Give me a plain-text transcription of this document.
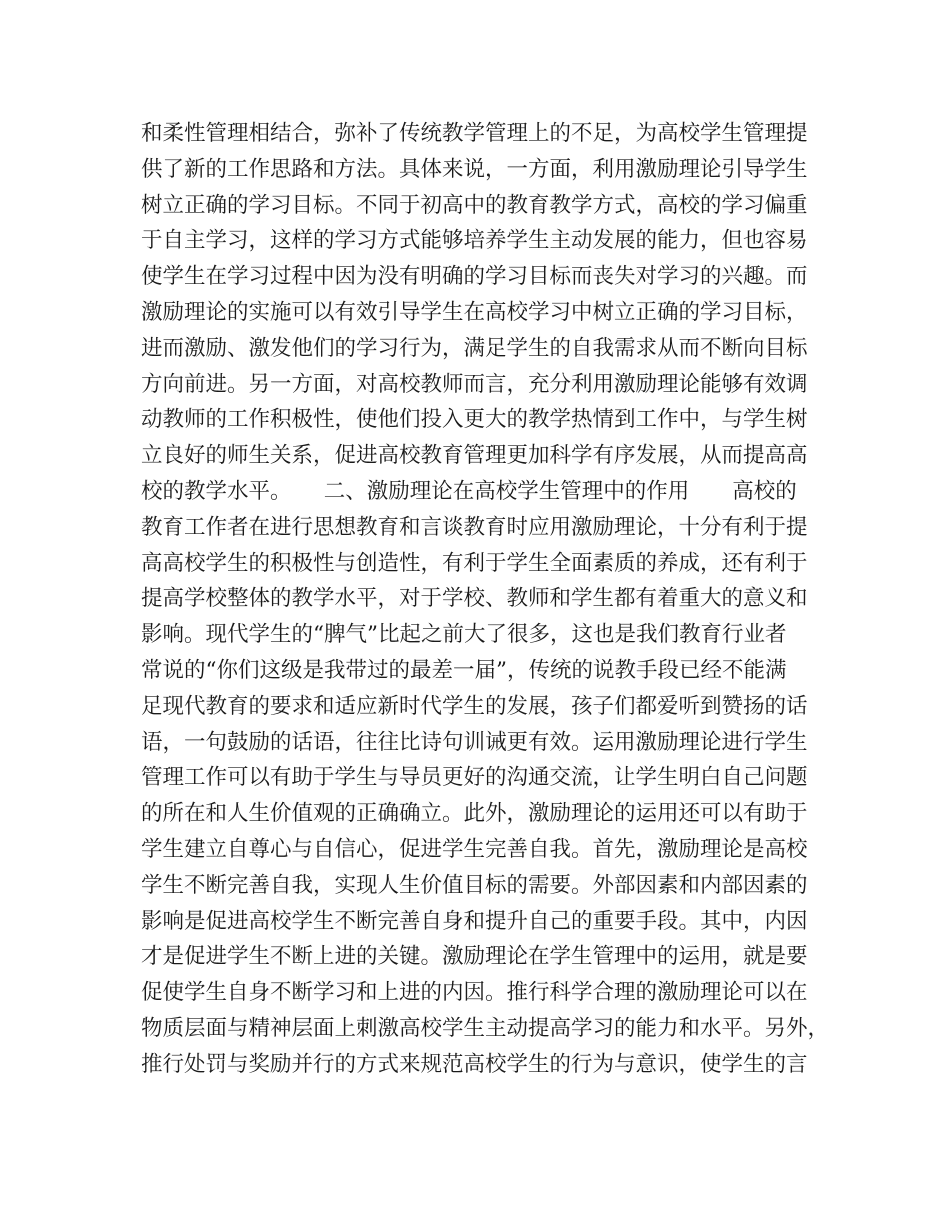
和柔性管理相结合，弥补了传统教学管理上的不足，为高校学生管理提
供了新的工作思路和方法。具体来说，一方面，利用激励理论引导学生
树立正确的学习目标。不同于初高中的教育教学方式，高校的学习偏重
于自主学习，这样的学习方式能够培养学生主动发展的能力，但也容易
使学生在学习过程中因为没有明确的学习目标而丧失对学习的兴趣。而
激励理论的实施可以有效引导学生在高校学习中树立正确的学习目标，
进而激励、激发他们的学习行为，满足学生的自我需求从而不断向目标
方向前进。另一方面，对高校教师而言，充分利用激励理论能够有效调
动教师的工作积极性，使他们投入更大的教学热情到工作中，与学生树
立良好的师生关系，促进高校教育管理更加科学有序发展，从而提高高
校的教学水平。　　二、激励理论在高校学生管理中的作用　　高校的
教育工作者在进行思想教育和言谈教育时应用激励理论，十分有利于提
高高校学生的积极性与创造性，有利于学生全面素质的养成，还有利于
提高学校整体的教学水平，对于学校、教师和学生都有着重大的意义和
影响。现代学生的“脾气”比起之前大了很多，这也是我们教育行业者
常说的“你们这级是我带过的最差一届”，传统的说教手段已经不能满
足现代教育的要求和适应新时代学生的发展，孩子们都爱听到赞扬的话
语，一句鼓励的话语，往往比诗句训诫更有效。运用激励理论进行学生
管理工作可以有助于学生与导员更好的沟通交流，让学生明白自己问题
的所在和人生价值观的正确确立。此外，激励理论的运用还可以有助于
学生建立自尊心与自信心，促进学生完善自我。首先，激励理论是高校
学生不断完善自我，实现人生价值目标的需要。外部因素和内部因素的
影响是促进高校学生不断完善自身和提升自己的重要手段。其中，内因
才是促进学生不断上进的关键。激励理论在学生管理中的运用，就是要
促使学生自身不断学习和上进的内因。推行科学合理的激励理论可以在
物质层面与精神层面上刺激高校学生主动提高学习的能力和水平。另外，
推行处罚与奖励并行的方式来规范高校学生的行为与意识，使学生的言
